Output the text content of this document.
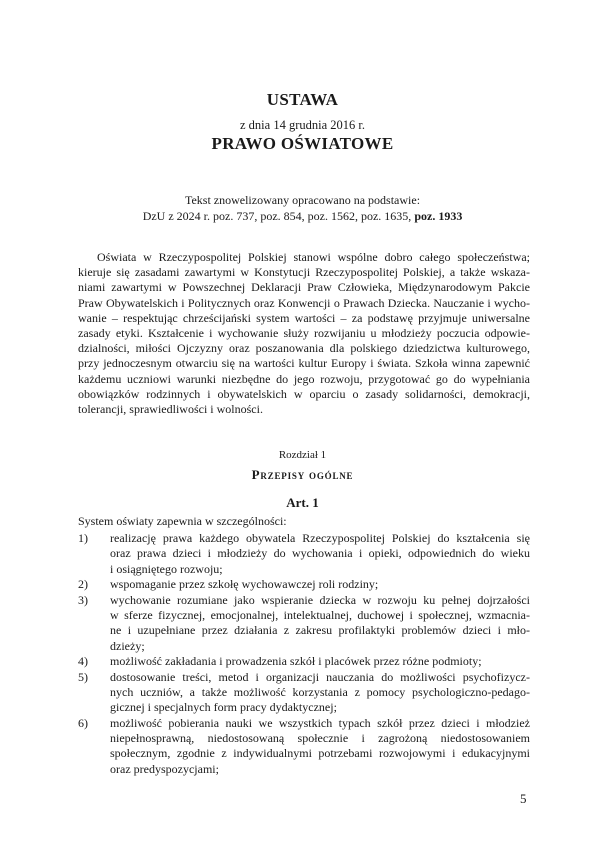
USTAWA
z dnia 14 grudnia 2016 r.
PRAWO OŚWIATOWE
Tekst znowelizowany opracowano na podstawie:
DzU z 2024 r. poz. 737, poz. 854, poz. 1562, poz. 1635, poz. 1933
Oświata w Rzeczypospolitej Polskiej stanowi wspólne dobro całego społeczeństwa;
kieruje się zasadami zawartymi w Konstytucji Rzeczypospolitej Polskiej, a także wskaza-
niami zawartymi w Powszechnej Deklaracji Praw Człowieka, Międzynarodowym Pakcie
Praw Obywatelskich i Politycznych oraz Konwencji o Prawach Dziecka. Nauczanie i wycho-
wanie – respektując chrześcijański system wartości – za podstawę przyjmuje uniwersalne
zasady etyki. Kształcenie i wychowanie służy rozwijaniu u młodzieży poczucia odpowie-
dzialności, miłości Ojczyzny oraz poszanowania dla polskiego dziedzictwa kulturowego,
przy jednoczesnym otwarciu się na wartości kultur Europy i świata. Szkoła winna zapewnić
każdemu uczniowi warunki niezbędne do jego rozwoju, przygotować go do wypełniania
obowiązków rodzinnych i obywatelskich w oparciu o zasady solidarności, demokracji,
tolerancji, sprawiedliwości i wolności.
Rozdział 1
Przepisy ogólne
Art. 1
System oświaty zapewnia w szczególności:
1)	realizację prawa każdego obywatela Rzeczypospolitej Polskiej do kształcenia się
oraz prawa dzieci i młodzieży do wychowania i opieki, odpowiednich do wieku
i osiągniętego rozwoju;
2)	wspomaganie przez szkołę wychowawczej roli rodziny;
3)	wychowanie rozumiane jako wspieranie dziecka w rozwoju ku pełnej dojrzałości
w sferze fizycznej, emocjonalnej, intelektualnej, duchowej i społecznej, wzmacnia-
ne i uzupełniane przez działania z zakresu profilaktyki problemów dzieci i mło-
dzieży;
4)	możliwość zakładania i prowadzenia szkół i placówek przez różne podmioty;
5)	dostosowanie treści, metod i organizacji nauczania do możliwości psychofizycz-
nych uczniów, a także możliwość korzystania z pomocy psychologiczno-pedago-
gicznej i specjalnych form pracy dydaktycznej;
6)	możliwość pobierania nauki we wszystkich typach szkół przez dzieci i młodzież
niepełnosprawną, niedostosowaną społecznie i zagrożoną niedostosowaniem
społecznym, zgodnie z indywidualnymi potrzebami rozwojowymi i edukacyjnymi
oraz predyspozycjami;
5
